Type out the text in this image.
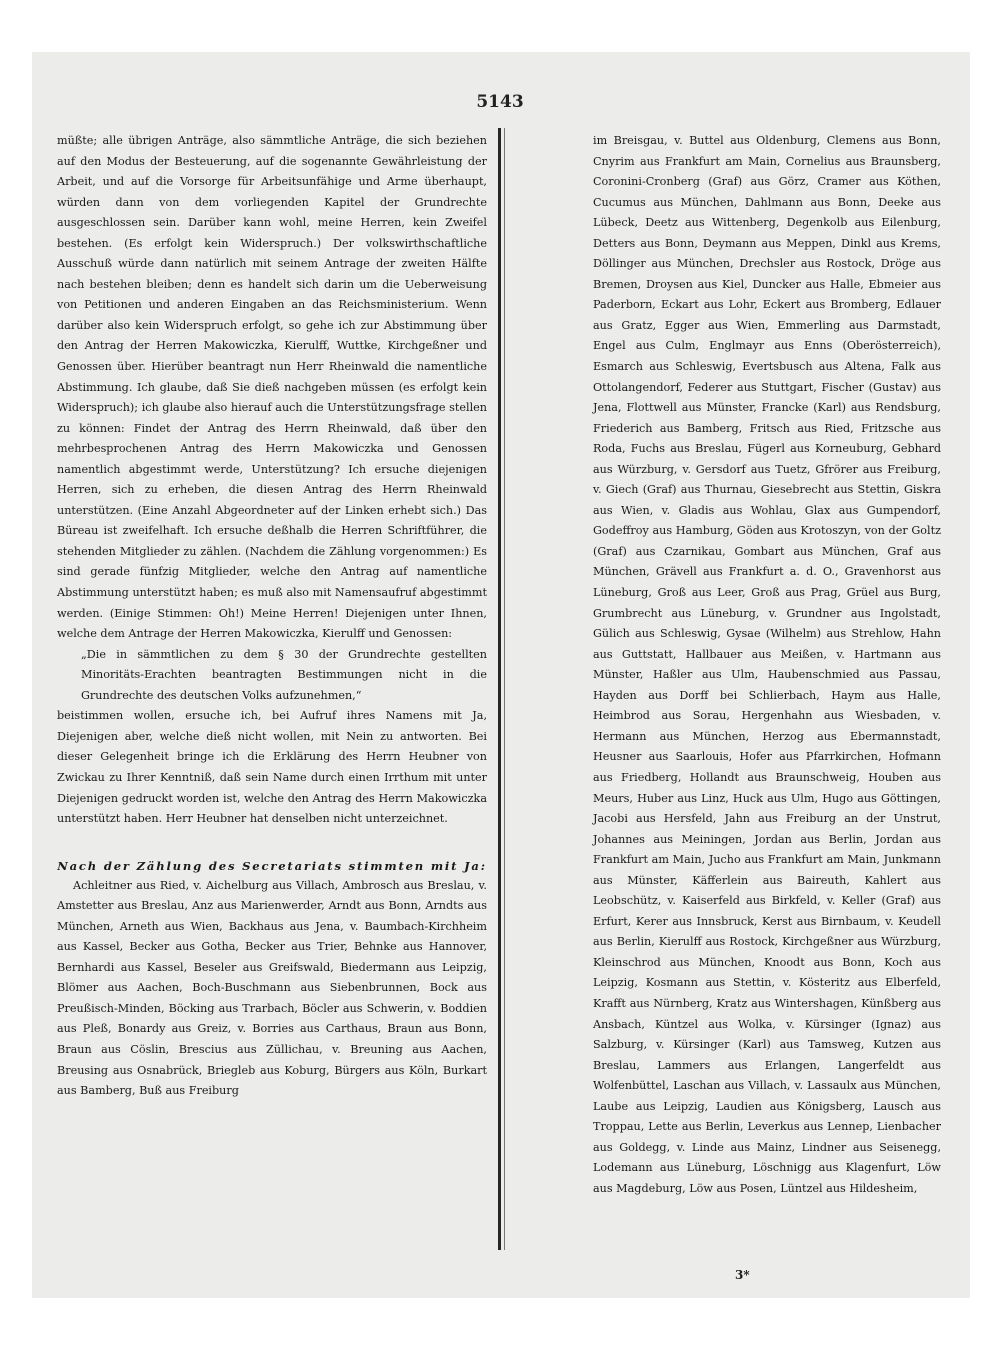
5143

müßte; alle übrigen Anträge, also sämmtliche Anträge, die sich beziehen auf den Modus der Besteuerung, auf die sogenannte Gewährleistung der Arbeit, und auf die Vorsorge für Arbeitsunfähige und Arme überhaupt, würden dann von dem vorliegenden Kapitel der Grundrechte ausgeschlossen sein. Darüber kann wohl, meine Herren, kein Zweifel bestehen. (Es erfolgt kein Widerspruch.) Der volkswirthschaftliche Ausschuß würde dann natürlich mit seinem Antrage der zweiten Hälfte nach bestehen bleiben; denn es handelt sich darin um die Ueberweisung von Petitionen und anderen Eingaben an das Reichsministerium. Wenn darüber also kein Widerspruch erfolgt, so gehe ich zur Abstimmung über den Antrag der Herren Makowiczka, Kierulff, Wuttke, Kirchgeßner und Genossen über. Hierüber beantragt nun Herr Rheinwald die namentliche Abstimmung. Ich glaube, daß Sie dieß nachgeben müssen (es erfolgt kein Widerspruch); ich glaube also hierauf auch die Unterstützungsfrage stellen zu können: Findet der Antrag des Herrn Rheinwald, daß über den mehrbesprochenen Antrag des Herrn Makowiczka und Genossen namentlich abgestimmt werde, Unterstützung? Ich ersuche diejenigen Herren, sich zu erheben, die diesen Antrag des Herrn Rheinwald unterstützen. (Eine Anzahl Abgeordneter auf der Linken erhebt sich.) Das Büreau ist zweifelhaft. Ich ersuche deßhalb die Herren Schriftführer, die stehenden Mitglieder zu zählen. (Nachdem die Zählung vorgenommen:) Es sind gerade fünfzig Mitglieder, welche den Antrag auf namentliche Abstimmung unterstützt haben; es muß also mit Namensaufruf abgestimmt werden. (Einige Stimmen: Oh!) Meine Herren! Diejenigen unter Ihnen, welche dem Antrage der Herren Makowiczka, Kierulff und Genossen:

„Die in sämmtlichen zu dem § 30 der Grundrechte gestellten Minoritäts-Erachten beantragten Bestimmungen nicht in die Grundrechte des deutschen Volks aufzunehmen,“

beistimmen wollen, ersuche ich, bei Aufruf ihres Namens mit Ja, Diejenigen aber, welche dieß nicht wollen, mit Nein zu antworten. Bei dieser Gelegenheit bringe ich die Erklärung des Herrn Heubner von Zwickau zu Ihrer Kenntniß, daß sein Name durch einen Irrthum mit unter Diejenigen gedruckt worden ist, welche den Antrag des Herrn Makowiczka unterstützt haben. Herr Heubner hat denselben nicht unterzeichnet.

Nach der Zählung des Secretariats stimmten mit Ja:

Achleitner aus Ried, v. Aichelburg aus Villach, Ambrosch aus Breslau, v. Amstetter aus Breslau, Anz aus Marienwerder, Arndt aus Bonn, Arndts aus München, Arneth aus Wien, Backhaus aus Jena, v. Baumbach-Kirchheim aus Kassel, Becker aus Gotha, Becker aus Trier, Behnke aus Hannover, Bernhardi aus Kassel, Beseler aus Greifswald, Biedermann aus Leipzig, Blömer aus Aachen, Boch-Buschmann aus Siebenbrunnen, Bock aus Preußisch-Minden, Böcking aus Trarbach, Böcler aus Schwerin, v. Boddien aus Pleß, Bonardy aus Greiz, v. Borries aus Carthaus, Braun aus Bonn, Braun aus Cöslin, Brescius aus Züllichau, v. Breuning aus Aachen, Breusing aus Osnabrück, Briegleb aus Koburg, Bürgers aus Köln, Burkart aus Bamberg, Buß aus Freiburg

im Breisgau, v. Buttel aus Oldenburg, Clemens aus Bonn, Cnyrim aus Frankfurt am Main, Cornelius aus Braunsberg, Coronini-Cronberg (Graf) aus Görz, Cramer aus Köthen, Cucumus aus München, Dahlmann aus Bonn, Deeke aus Lübeck, Deetz aus Wittenberg, Degenkolb aus Eilenburg, Detters aus Bonn, Deymann aus Meppen, Dinkl aus Krems, Döllinger aus München, Drechsler aus Rostock, Dröge aus Bremen, Droysen aus Kiel, Duncker aus Halle, Ebmeier aus Paderborn, Eckart aus Lohr, Eckert aus Bromberg, Edlauer aus Gratz, Egger aus Wien, Emmerling aus Darmstadt, Engel aus Culm, Englmayr aus Enns (Oberösterreich), Esmarch aus Schleswig, Evertsbusch aus Altena, Falk aus Ottolangendorf, Federer aus Stuttgart, Fischer (Gustav) aus Jena, Flottwell aus Münster, Francke (Karl) aus Rendsburg, Friederich aus Bamberg, Fritsch aus Ried, Fritzsche aus Roda, Fuchs aus Breslau, Fügerl aus Korneuburg, Gebhard aus Würzburg, v. Gersdorf aus Tuetz, Gfrörer aus Freiburg, v. Giech (Graf) aus Thurnau, Giesebrecht aus Stettin, Giskra aus Wien, v. Gladis aus Wohlau, Glax aus Gumpendorf, Godeffroy aus Hamburg, Göden aus Krotoszyn, von der Goltz (Graf) aus Czarnikau, Gombart aus München, Graf aus München, Grävell aus Frankfurt a. d. O., Gravenhorst aus Lüneburg, Groß aus Leer, Groß aus Prag, Grüel aus Burg, Grumbrecht aus Lüneburg, v. Grundner aus Ingolstadt, Gülich aus Schleswig, Gysae (Wilhelm) aus Strehlow, Hahn aus Guttstatt, Hallbauer aus Meißen, v. Hartmann aus Münster, Haßler aus Ulm, Haubenschmied aus Passau, Hayden aus Dorff bei Schlierbach, Haym aus Halle, Heimbrod aus Sorau, Hergenhahn aus Wiesbaden, v. Hermann aus München, Herzog aus Ebermannstadt, Heusner aus Saarlouis, Hofer aus Pfarrkirchen, Hofmann aus Friedberg, Hollandt aus Braunschweig, Houben aus Meurs, Huber aus Linz, Huck aus Ulm, Hugo aus Göttingen, Jacobi aus Hersfeld, Jahn aus Freiburg an der Unstrut, Johannes aus Meiningen, Jordan aus Berlin, Jordan aus Frankfurt am Main, Jucho aus Frankfurt am Main, Junkmann aus Münster, Käfferlein aus Baireuth, Kahlert aus Leobschütz, v. Kaiserfeld aus Birkfeld, v. Keller (Graf) aus Erfurt, Kerer aus Innsbruck, Kerst aus Birnbaum, v. Keudell aus Berlin, Kierulff aus Rostock, Kirchgeßner aus Würzburg, Kleinschrod aus München, Knoodt aus Bonn, Koch aus Leipzig, Kosmann aus Stettin, v. Köstеritz aus Elberfeld, Krafft aus Nürnberg, Kratz aus Wintershagen, Künßberg aus Ansbach, Küntzel aus Wolka, v. Kürsinger (Ignaz) aus Salzburg, v. Kürsinger (Karl) aus Tamsweg, Kutzen aus Breslau, Lammers aus Erlangen, Langerfeldt aus Wolfenbüttel, Laschan aus Villach, v. Lassaulx aus München, Laube aus Leipzig, Laudien aus Königsberg, Lausch aus Troppau, Lette aus Berlin, Leverkus aus Lennep, Lienbacher aus Goldegg, v. Linde aus Mainz, Lindner aus Seisenegg, Lodemann aus Lüneburg, Löschnigg aus Klagenfurt, Löw aus Magdeburg, Löw aus Posen, Lüntzel aus Hildesheim,

3*
